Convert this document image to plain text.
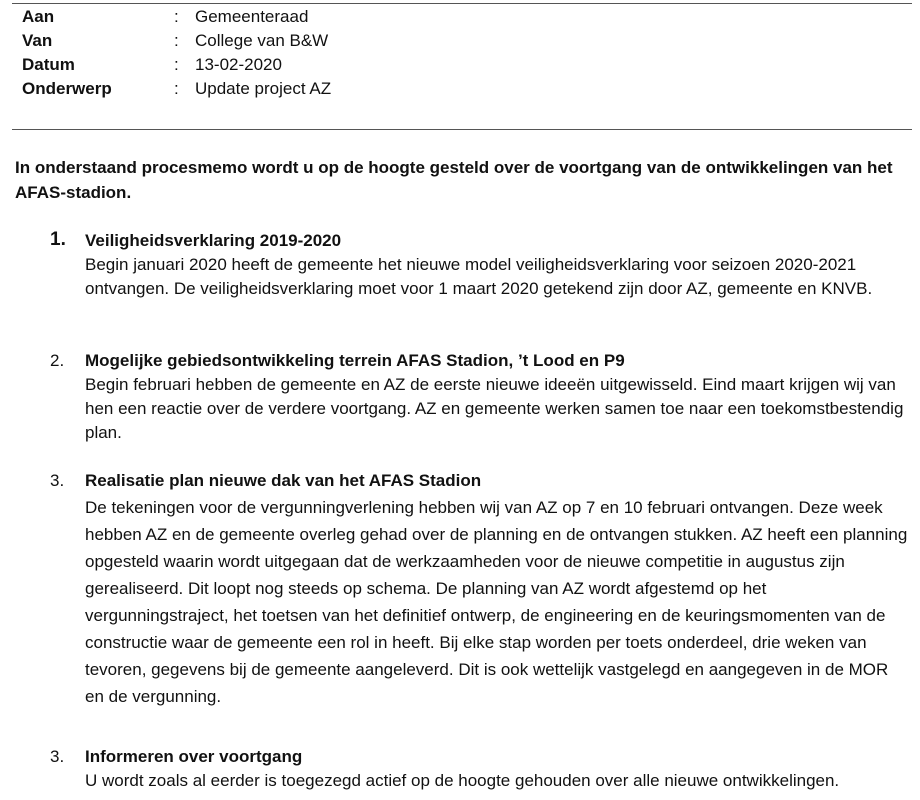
Aan	: Gemeenteraad
Van	: College van B&W
Datum	: 13-02-2020
Onderwerp	: Update project AZ
In onderstaand procesmemo wordt u op de hoogte gesteld over de voortgang van de ontwikkelingen van het AFAS-stadion.
1. Veiligheidsverklaring 2019-2020
Begin januari 2020 heeft de gemeente het nieuwe model veiligheidsverklaring voor seizoen 2020-2021 ontvangen. De veiligheidsverklaring moet voor 1 maart 2020 getekend zijn door AZ, gemeente en KNVB.
2. Mogelijke gebiedsontwikkeling terrein AFAS Stadion, ’t Lood en P9
Begin februari hebben de gemeente en AZ de eerste nieuwe ideeën uitgewisseld. Eind maart krijgen wij van hen een reactie over de verdere voortgang. AZ en gemeente werken samen toe naar een toekomstbestendig plan.
3. Realisatie plan nieuwe dak van het AFAS Stadion
De tekeningen voor de vergunningverlening hebben wij van AZ op 7 en 10 februari ontvangen. Deze week hebben AZ en de gemeente overleg gehad over de planning en de ontvangen stukken. AZ heeft een planning opgesteld waarin wordt uitgegaan dat de werkzaamheden voor de nieuwe competitie in augustus zijn gerealiseerd. Dit loopt nog steeds op schema. De planning van AZ wordt afgestemd op het vergunningstraject, het toetsen van het definitief ontwerp, de engineering en de keuringsmomenten van de constructie waar de gemeente een rol in heeft. Bij elke stap worden per toets onderdeel, drie weken van tevoren, gegevens bij de gemeente aangeleverd. Dit is ook wettelijk vastgelegd en aangegeven in de MOR en de vergunning.
3. Informeren over voortgang
U wordt zoals al eerder is toegezegd actief op de hoogte gehouden over alle nieuwe ontwikkelingen.
